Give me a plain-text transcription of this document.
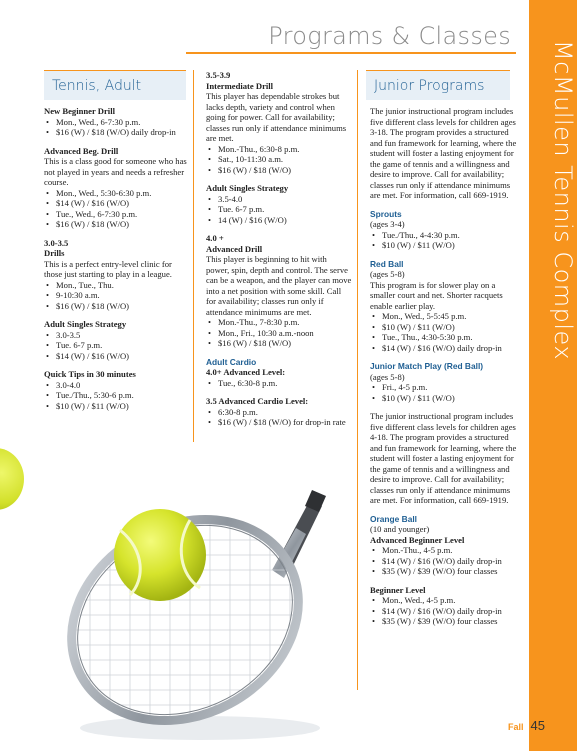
McMullen Tennis Complex
Programs & Classes
Tennis, Adult	Junior Programs

New Beginner Drill

• Mon., Wed., 6-7:30 p.m.
• $16 (W) / $18 (W/O) daily drop-in

Advanced Beg. Drill

This is a class good for someone who has not played in years and needs a refresher course.

• Mon., Wed., 5:30-6:30 p.m.
• $14 (W) / $16 (W/O)
• Tue., Wed., 6-7:30 p.m.
• $16 (W) / $18 (W/O)

3.0-3.5

Drills

This is a perfect entry-level clinic for those just starting to play in a league.

• Mon., Tue., Thu.
• 9-10:30 a.m.
• $16 (W) / $18 (W/O)

Adult Singles Strategy

• 3.0-3.5
• Tue. 6-7 p.m.
• $14 (W) / $16 (W/O)

Quick Tips in 30 minutes

• 3.0-4.0
• Tue./Thu., 5:30-6 p.m.
• $10 (W) / $11 (W/O)

3.5-3.9

Intermediate Drill

This player has dependable strokes but lacks depth, variety and control when going for power. Call for availability; classes run only if attendance minimums are met.

• Mon.-Thu., 6:30-8 p.m.
• Sat., 10-11:30 a.m.
• $16 (W) / $18 (W/O)

Adult Singles Strategy

• 3.5-4.0
• Tue. 6-7 p.m.
• 14 (W) / $16 (W/O)

4.0 +

Advanced Drill

This player is beginning to hit with power, spin, depth and control. The serve can be a weapon, and the player can move into a net position with some skill. Call for availability; classes run only if attendance minimums are met.

• Mon.-Thu., 7-8:30 p.m.
• Mon., Fri., 10:30 a.m.-noon
• $16 (W) / $18 (W/O)

Adult Cardio

4.0+ Advanced Level:

• Tue., 6:30-8 p.m.

3.5 Advanced Cardio Level:

• 6:30-8 p.m.
• $16 (W) / $18 (W/O) for drop-in rate

The junior instructional program includes five different class levels for children ages 3-18. The program provides a structured and fun framework for learning, where the student will foster a lasting enjoyment for the game of tennis and a willingness and desire to improve. Call for availability; classes run only if attendance minimums are met. For information, call 669-1919.

Sprouts

(ages 3-4)

• Tue./Thu., 4-4:30 p.m.
• $10 (W) / $11 (W/O)

Red Ball

(ages 5-8)

This program is for slower play on a smaller court and net. Shorter racquets enable earlier play.

• Mon., Wed., 5-5:45 p.m.
• $10 (W) / $11 (W/O)
• Tue., Thu., 4:30-5:30 p.m.
• $14 (W) / $16 (W/O) daily drop-in

Junior Match Play (Red Ball)

(ages 5-8)

• Fri., 4-5 p.m.
• $10 (W) / $11 (W/O)

The junior instructional program includes five different class levels for children ages 4-18. The program provides a structured and fun framework for learning, where the student will foster a lasting enjoyment for the game of tennis and a willingness and desire to improve. Call for availability; classes run only if attendance minimums are met. For information, call 669-1919.

Orange Ball

(10 and younger)

Advanced Beginner Level

• Mon.-Thu., 4-5 p.m.
• $14 (W) / $16 (W/O) daily drop-in
• $35 (W) / $39 (W/O) four classes

Beginner Level

• Mon., Wed., 4-5 p.m.
• $14 (W) / $16 (W/O) daily drop-in
• $35 (W) / $39 (W/O) four classes
Fall 45
